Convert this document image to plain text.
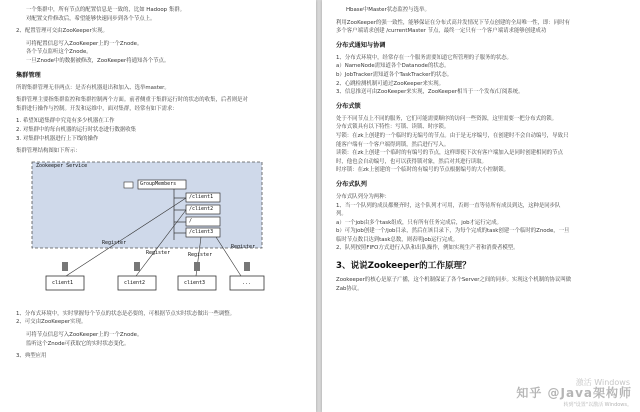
• 一个集群中，所有节点的配置信息是一致的，比如 Hadoop 集群。
• 对配置文件修改后，希望能够快速同步到各个节点上。
2、配置管理可交由ZooKeeper实现。
• 可将配置信息写入ZooKeeper上的一个Znode。
• 各个节点监听这个Znode。
• 一旦Znode中的数据被修改，ZooKeeper将通知各个节点。
集群管理
所谓集群管理无非两点：是否有机器退出和加入、选举master。
集群管理主要指集群监控和集群控制两个方面。前者侧重于集群运行时的状态的收集，后者则是对
集群进行操作与控制。开发和运维中，面对集群，经常有如下需求：
1. 希望知道集群中究竟有多少机器在工作
2. 对集群中的每台机器的运行时状态进行数据收集
3. 对集群中机器进行上下线的操作
集群管理结构图如下所示：
Zookeeper Service
GroupMembers
/client1
/client2
/
/client3
Register
Register	Register
Register
client1	client2	client3	...
1、分布式环境中，实时掌握每个节点的状态是必要的，可根据节点实时状态做出一些调整。
2、可交由ZooKeeper实现。
• 可将节点信息写入ZooKeeper上的一个Znode。
• 监听这个Znode可获取它的实时状态变化。
3、典型应用
• Hbase中Master状态监控与选举。
利用ZooKeeper的强一致性，能够保证在分布式高并发情况下节点创建的全局唯一性，即：同时有
多个客户端请求创建 /currentMaster 节点，最终一定只有一个客户端请求能够创建成功
分布式通知与协调
1、分布式环境中，经常存在一个服务需要知道它所管理的子服务的状态。
a）NameNode需知道各个Datanode的状态。
b）JobTracker需知道各个TaskTracker的状态。
2、心跳检测机制可通过ZooKeeper来实现。
3、信息推送可由ZooKeeper来实现，ZooKeeper相当于一个发布/订阅系统。
分布式锁
处于不同节点上不同的服务，它们可能需要顺序的访问一些资源，这里需要一把分布式的锁。
分布式锁具有以下特性：写锁、读锁、时序锁。
写锁：在zk上创建的一个临时的无编号的节点。由于是无序编号，在创建时不会自动编号，导致只
能客户端有一个客户端得到锁，然后进行写入。
读锁：在zk上创建一个临时的有编号的节点，这样即使下次有客户端加入是同时创建相同的节点
时，他也会自动编号，也可以获得锁对象，然后对其进行读取。
时序锁：在zk上创建的一个临时的有编号的节点根据编号的大小控制锁。
分布式队列
分布式队列分为两种：
1、当一个队列的成员都聚齐时，这个队列才可用，否则一直等待所有成员到达，这种是同步队
列。
a）一个job由多个task组成，只有所有任务完成后，job才运行完成。
b）可为job创建一个/job目录，然后在该目录下，为每个完成的task创建一个临时的Znode，一旦
临时节点数目达到task总数，则表明job运行完成。
2、队列按照FIFO方式进行入队和出队操作，例如实现生产者和消费者模型。
3、说说Zookeeper的工作原理？
Zookeeper的核心是原子广播，这个机制保证了各个Server之间的同步。实现这个机制的协议叫做
Zab协议。
激活 Windows
知乎 @Java架构师
转到"设置"以激活 Windows。
